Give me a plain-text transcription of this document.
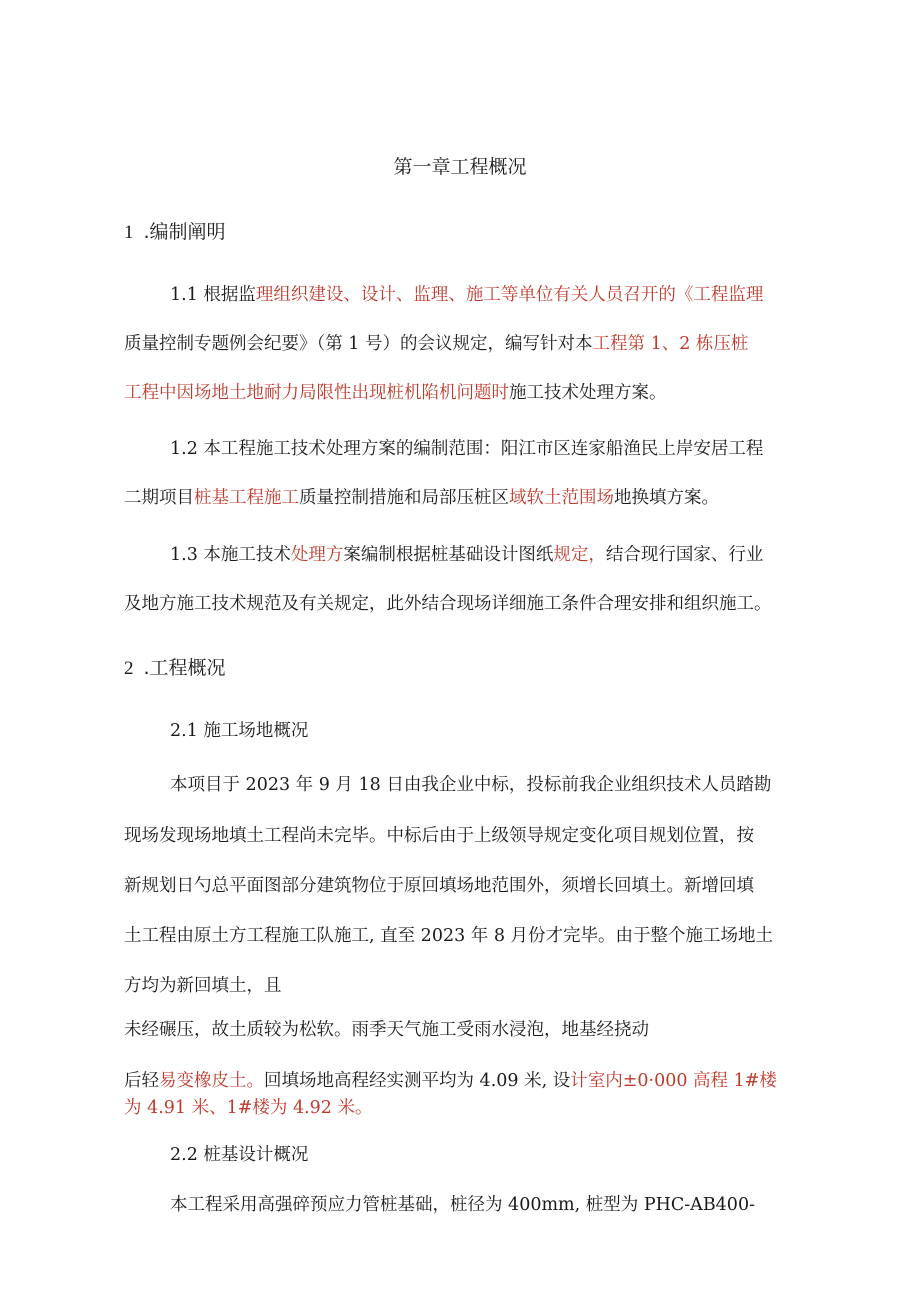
第一章工程概况
1 .编制阐明
1.1 根据监理组织建设、设计、监理、施工等单位有关人员召开的《工程监理
质量控制专题例会纪要》（第 1 号）的会议规定，编写针对本工程第 1、2 栋压桩
工程中因场地土地耐力局限性出现桩机陷机问题时施工技术处理方案。
1.2 本工程施工技术处理方案的编制范围：阳江市区连家船渔民上岸安居工程
二期项目桩基工程施工质量控制措施和局部压桩区域软土范围场地换填方案。
1.3 本施工技术处理方案编制根据桩基础设计图纸规定，结合现行国家、行业
及地方施工技术规范及有关规定，此外结合现场详细施工条件合理安排和组织施工。
2 .工程概况
2.1 施工场地概况
本项目于 2023 年 9 月 18 日由我企业中标，投标前我企业组织技术人员踏勘
现场发现场地填土工程尚未完毕。中标后由于上级领导规定变化项目规划位置，按
新规划日勺总平面图部分建筑物位于原回填场地范围外，须增长回填土。新增回填
土工程由原土方工程施工队施工, 直至 2023 年 8 月份才完毕。由于整个施工场地土
方均为新回填土，且
未经碾压，故土质较为松软。雨季天气施工受雨水浸泡，地基经挠动
后轻易变橡皮土。回填场地高程经实测平均为 4.09 米, 设计室内±0·000 高程 1#楼
为 4.91 米、1#楼为 4.92 米。
2.2 桩基设计概况
本工程采用高强碎预应力管桩基础，桩径为 400mm, 桩型为 PHC-AB400-
